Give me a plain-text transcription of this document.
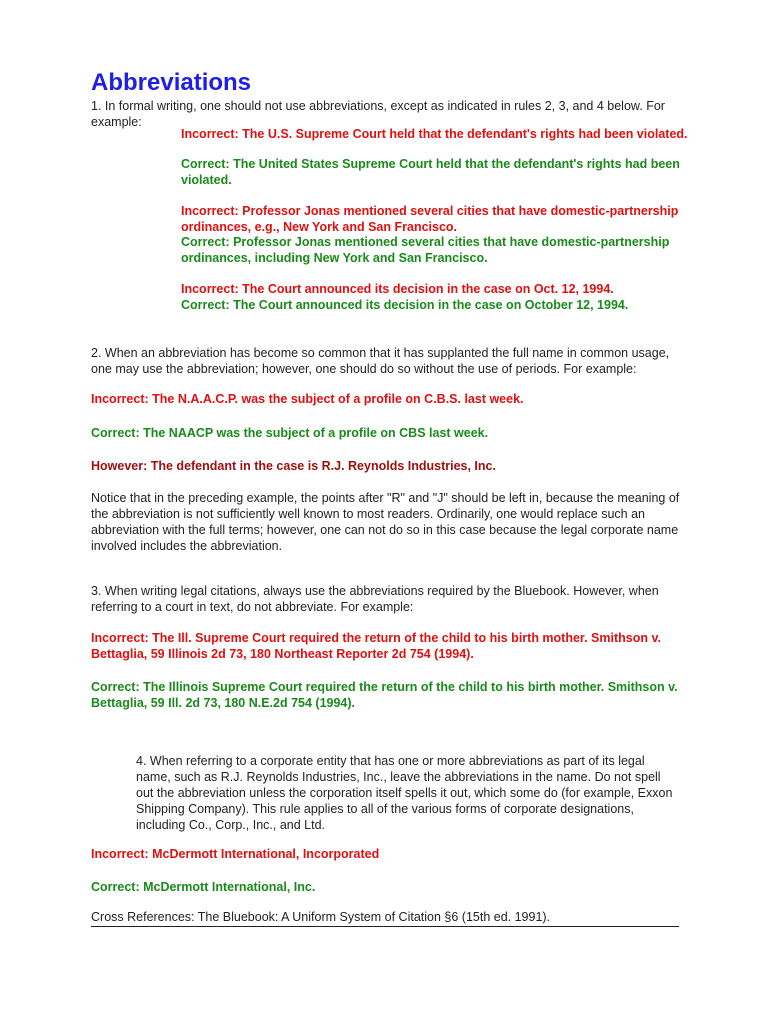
Abbreviations

1. In formal writing, one should not use abbreviations, except as indicated in rules 2, 3, and 4 below. For example:

Incorrect: The U.S. Supreme Court held that the defendant's rights had been violated.

Correct: The United States Supreme Court held that the defendant's rights had been violated.

Incorrect: Professor Jonas mentioned several cities that have domestic-partnership ordinances, e.g., New York and San Francisco.

Correct: Professor Jonas mentioned several cities that have domestic-partnership ordinances, including New York and San Francisco.

Incorrect: The Court announced its decision in the case on Oct. 12, 1994.

Correct: The Court announced its decision in the case on October 12, 1994.

2. When an abbreviation has become so common that it has supplanted the full name in common usage, one may use the abbreviation; however, one should do so without the use of periods. For example:

Incorrect: The N.A.A.C.P. was the subject of a profile on C.B.S. last week.

Correct: The NAACP was the subject of a profile on CBS last week.

However: The defendant in the case is R.J. Reynolds Industries, Inc.

Notice that in the preceding example, the points after "R" and "J" should be left in, because the meaning of the abbreviation is not sufficiently well known to most readers. Ordinarily, one would replace such an abbreviation with the full terms; however, one can not do so in this case because the legal corporate name involved includes the abbreviation.

3. When writing legal citations, always use the abbreviations required by the Bluebook. However, when referring to a court in text, do not abbreviate. For example:

Incorrect: The Ill. Supreme Court required the return of the child to his birth mother. Smithson v. Bettaglia, 59 Illinois 2d 73, 180 Northeast Reporter 2d 754 (1994).

Correct: The Illinois Supreme Court required the return of the child to his birth mother. Smithson v. Bettaglia, 59 Ill. 2d 73, 180 N.E.2d 754 (1994).

4. When referring to a corporate entity that has one or more abbreviations as part of its legal name, such as R.J. Reynolds Industries, Inc., leave the abbreviations in the name. Do not spell out the abbreviation unless the corporation itself spells it out, which some do (for example, Exxon Shipping Company). This rule applies to all of the various forms of corporate designations, including Co., Corp., Inc., and Ltd.

Incorrect: McDermott International, Incorporated

Correct: McDermott International, Inc.

Cross References: The Bluebook: A Uniform System of Citation §6 (15th ed. 1991).
